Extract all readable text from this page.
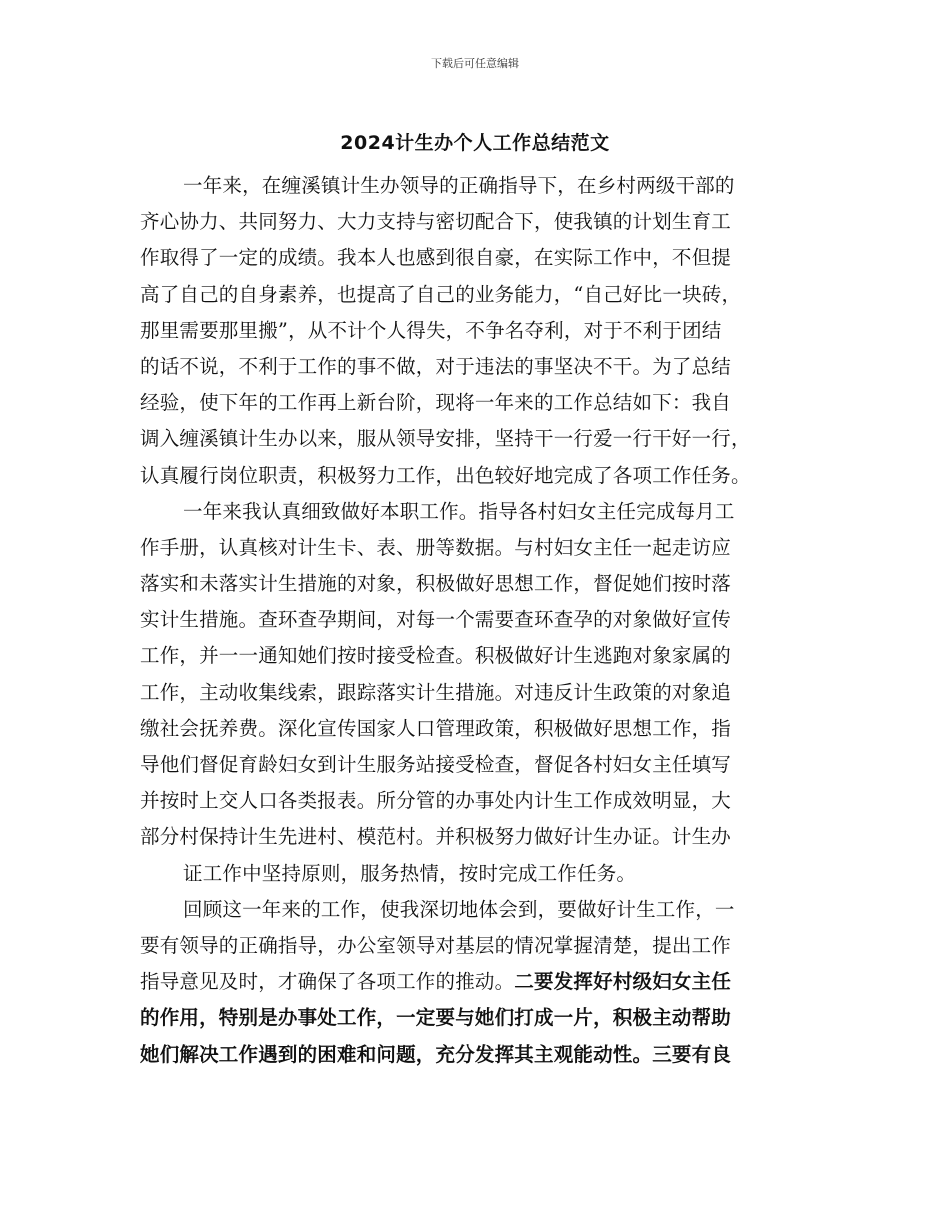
下载后可任意编辑
2024计生办个人工作总结范文
一年来，在缠溪镇计生办领导的正确指导下，在乡村两级干部的
齐心协力、共同努力、大力支持与密切配合下，使我镇的计划生育工
作取得了一定的成绩。我本人也感到很自豪，在实际工作中，不但提
高了自己的自身素养，也提高了自己的业务能力，“自己好比一块砖，
那里需要那里搬”，从不计个人得失，不争名夺利，对于不利于团结
的话不说，不利于工作的事不做，对于违法的事坚决不干。为了总结
经验，使下年的工作再上新台阶，现将一年来的工作总结如下：我自
调入缠溪镇计生办以来，服从领导安排，坚持干一行爱一行干好一行，
认真履行岗位职责，积极努力工作，出色较好地完成了各项工作任务。
一年来我认真细致做好本职工作。指导各村妇女主任完成每月工
作手册，认真核对计生卡、表、册等数据。与村妇女主任一起走访应
落实和未落实计生措施的对象，积极做好思想工作，督促她们按时落
实计生措施。查环查孕期间，对每一个需要查环查孕的对象做好宣传
工作，并一一通知她们按时接受检查。积极做好计生逃跑对象家属的
工作，主动收集线索，跟踪落实计生措施。对违反计生政策的对象追
缴社会抚养费。深化宣传国家人口管理政策，积极做好思想工作，指
导他们督促育龄妇女到计生服务站接受检查，督促各村妇女主任填写
并按时上交人口各类报表。所分管的办事处内计生工作成效明显，大
部分村保持计生先进村、模范村。并积极努力做好计生办证。计生办
证工作中坚持原则，服务热情，按时完成工作任务。
回顾这一年来的工作，使我深切地体会到，要做好计生工作，一
要有领导的正确指导，办公室领导对基层的情况掌握清楚，提出工作
指导意见及时，才确保了各项工作的推动。二要发挥好村级妇女主任
的作用，特别是办事处工作，一定要与她们打成一片，积极主动帮助
她们解决工作遇到的困难和问题，充分发挥其主观能动性。三要有良
